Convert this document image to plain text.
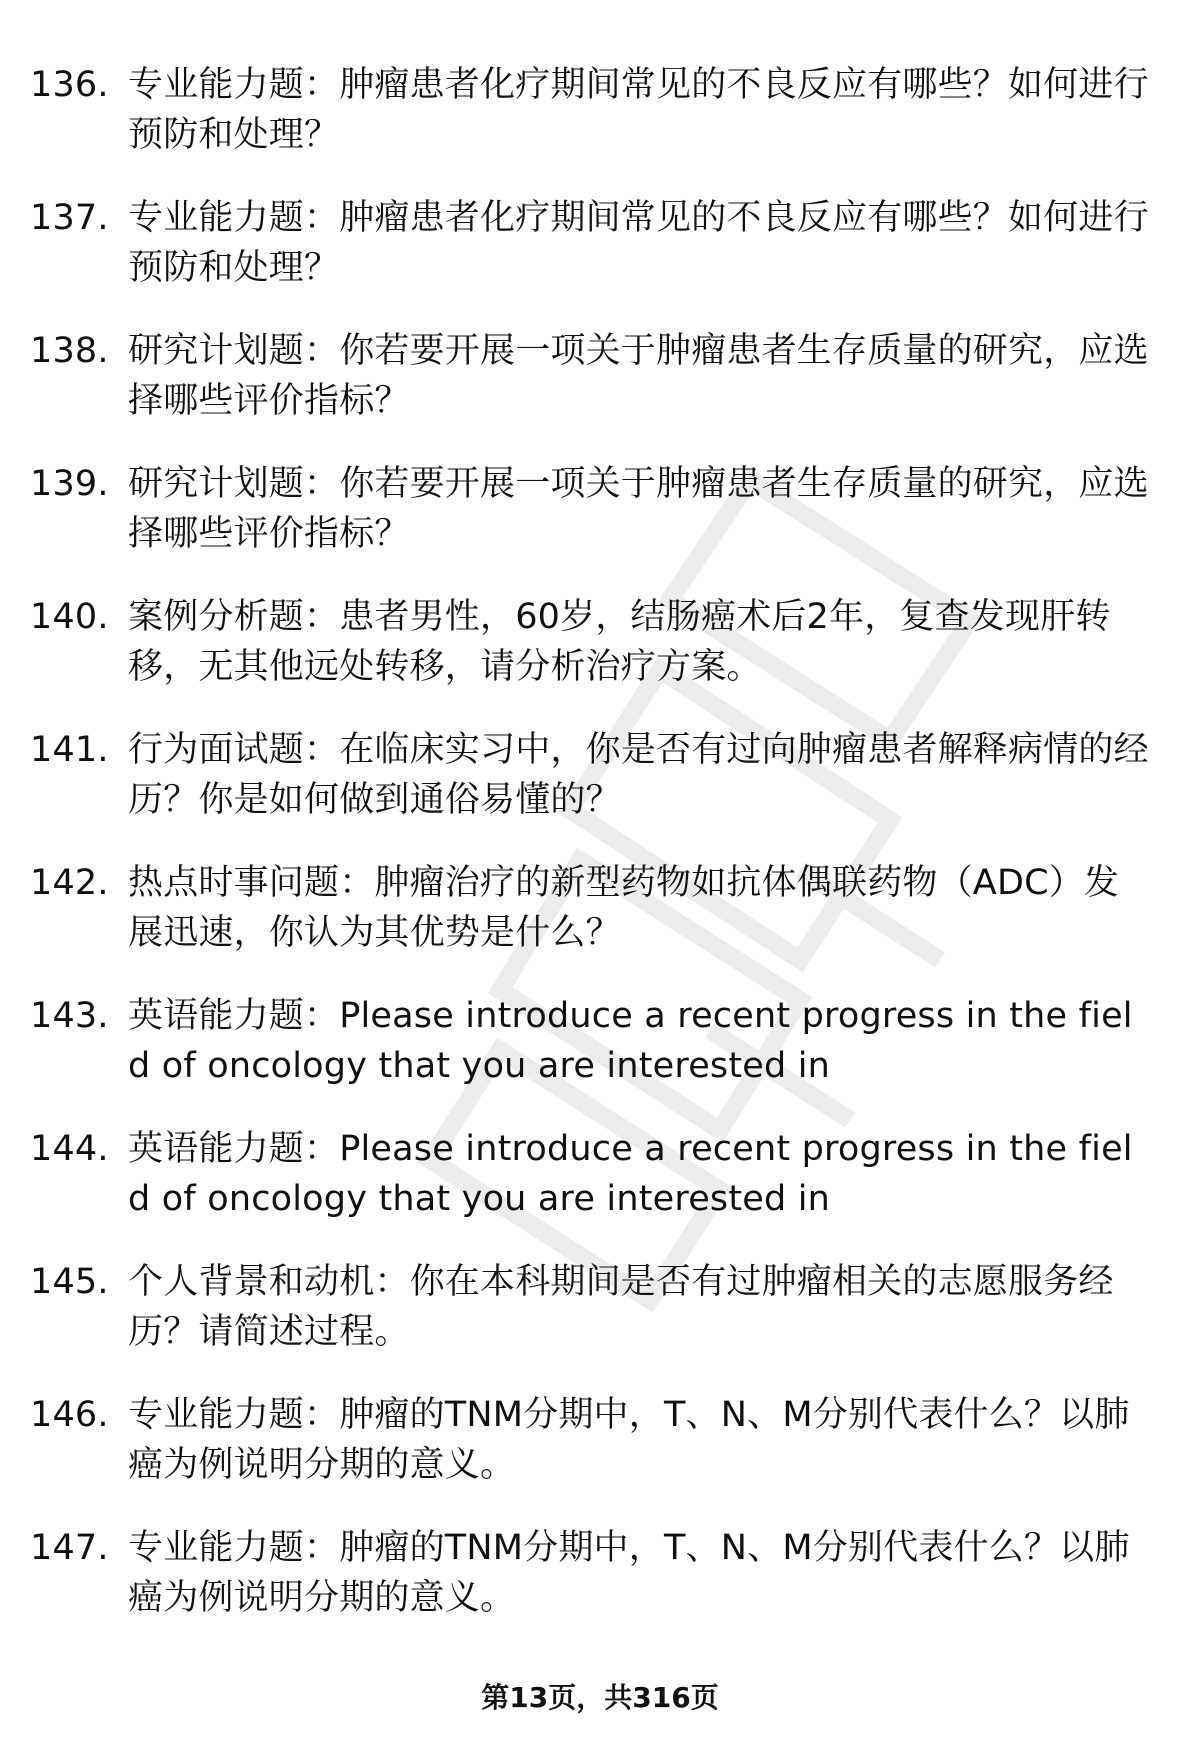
136. 专业能力题：肿瘤患者化疗期间常见的不良反应有哪些？如何进行预防和处理？
137. 专业能力题：肿瘤患者化疗期间常见的不良反应有哪些？如何进行预防和处理？
138. 研究计划题：你若要开展一项关于肿瘤患者生存质量的研究，应选择哪些评价指标？
139. 研究计划题：你若要开展一项关于肿瘤患者生存质量的研究，应选择哪些评价指标？
140. 案例分析题：患者男性，60岁，结肠癌术后2年，复查发现肝转移，无其他远处转移，请分析治疗方案。
141. 行为面试题：在临床实习中，你是否有过向肿瘤患者解释病情的经历？你是如何做到通俗易懂的？
142. 热点时事问题：肿瘤治疗的新型药物如抗体偶联药物（ADC）发展迅速，你认为其优势是什么？
143. 英语能力题：Please introduce a recent progress in the field of oncology that you are interested in
144. 英语能力题：Please introduce a recent progress in the field of oncology that you are interested in
145. 个人背景和动机：你在本科期间是否有过肿瘤相关的志愿服务经历？请简述过程。
146. 专业能力题：肿瘤的TNM分期中，T、N、M分别代表什么？以肺癌为例说明分期的意义。
147. 专业能力题：肿瘤的TNM分期中，T、N、M分别代表什么？以肺癌为例说明分期的意义。
第13页，共316页
